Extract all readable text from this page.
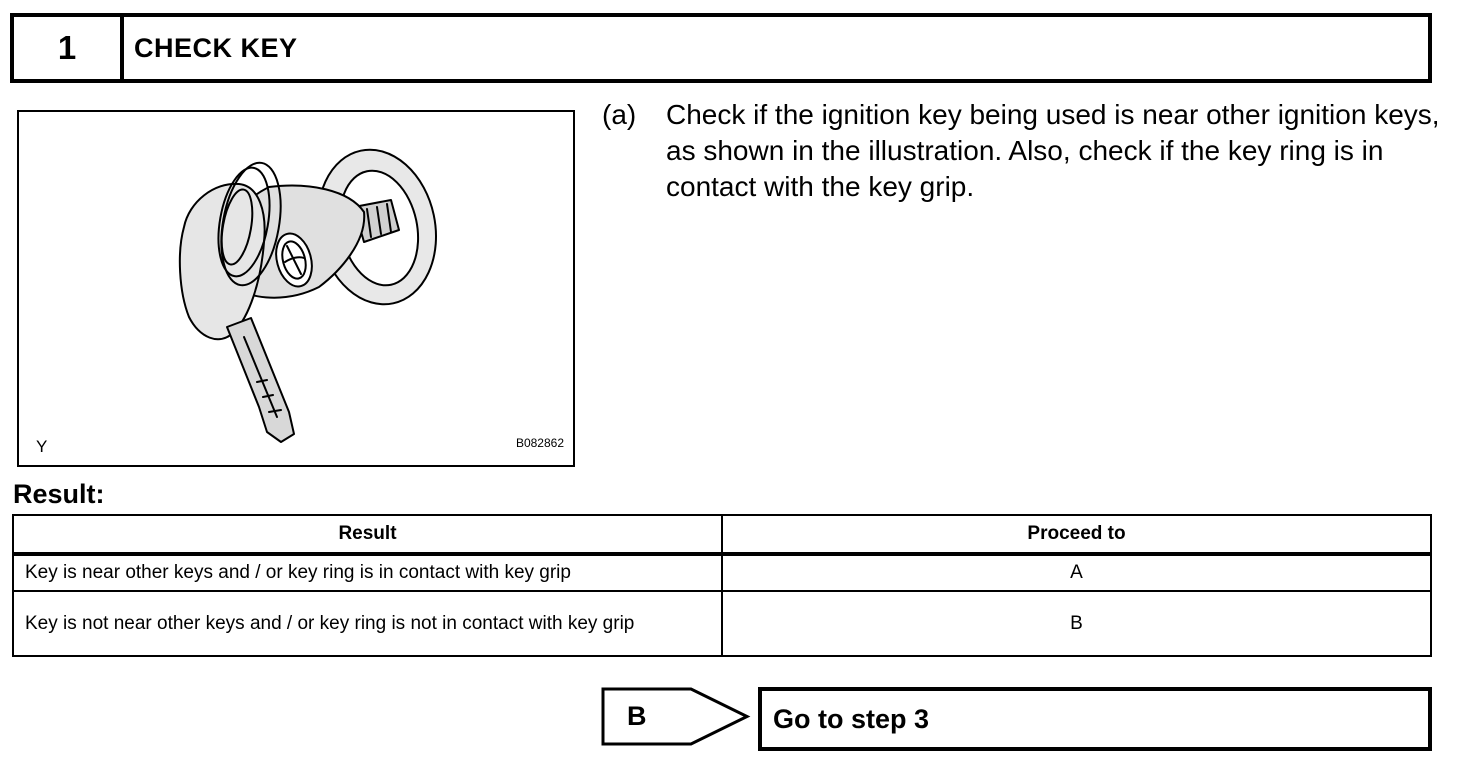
1	CHECK KEY
Y	B082862
(a)	Check if the ignition key being used is near other ignition keys, as shown in the illustration. Also, check if the key ring is in contact with the key grip.
Result:
Result	Proceed to
Key is near other keys and / or key ring is in contact with key grip	A
Key is not near other keys and / or key ring is not in contact with key grip	B
B	Go to step 3
